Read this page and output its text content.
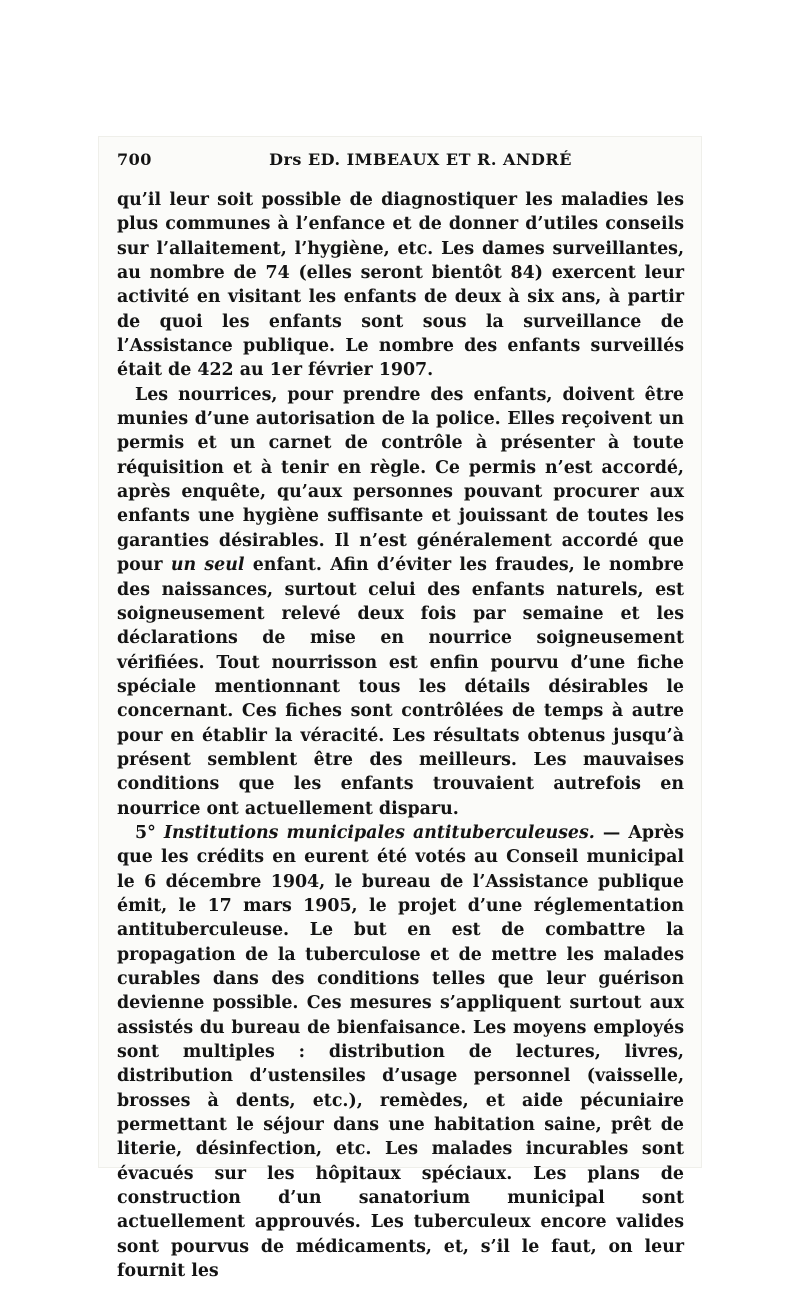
700	Drs ED. IMBEAUX ET R. ANDRÉ

qu’il leur soit possible de diagnostiquer les maladies les plus communes à l’enfance et de donner d’utiles conseils sur l’allaitement, l’hygiène, etc. Les dames surveillantes, au nombre de 74 (elles seront bientôt 84) exercent leur activité en visitant les enfants de deux à six ans, à partir de quoi les enfants sont sous la surveillance de l’Assistance publique. Le nombre des enfants surveillés était de 422 au 1er février 1907.

Les nourrices, pour prendre des enfants, doivent être munies d’une autorisation de la police. Elles reçoivent un permis et un carnet de contrôle à présenter à toute réquisition et à tenir en règle. Ce permis n’est accordé, après enquête, qu’aux personnes pouvant procurer aux enfants une hygiène suffisante et jouissant de toutes les garanties désirables. Il n’est généralement accordé que pour un seul enfant. Afin d’éviter les fraudes, le nombre des naissances, surtout celui des enfants naturels, est soigneusement relevé deux fois par semaine et les déclarations de mise en nourrice soigneusement vérifiées. Tout nourrisson est enfin pourvu d’une fiche spéciale mentionnant tous les détails désirables le concernant. Ces fiches sont contrôlées de temps à autre pour en établir la véracité. Les résultats obtenus jusqu’à présent semblent être des meilleurs. Les mauvaises conditions que les enfants trouvaient autrefois en nourrice ont actuellement disparu.

5° Institutions municipales antituberculeuses. — Après que les crédits en eurent été votés au Conseil municipal le 6 décembre 1904, le bureau de l’Assistance publique émit, le 17 mars 1905, le projet d’une réglementation antituberculeuse. Le but en est de combattre la propagation de la tuberculose et de mettre les malades curables dans des conditions telles que leur guérison devienne possible. Ces mesures s’appliquent surtout aux assistés du bureau de bienfaisance. Les moyens employés sont multiples : distribution de lectures, livres, distribution d’ustensiles d’usage personnel (vaisselle, brosses à dents, etc.), remèdes, et aide pécuniaire permettant le séjour dans une habitation saine, prêt de literie, désinfection, etc. Les malades incurables sont évacués sur les hôpitaux spéciaux. Les plans de construction d’un sanatorium municipal sont actuellement approuvés. Les tuberculeux encore valides sont pourvus de médicaments, et, s’il le faut, on leur fournit les
